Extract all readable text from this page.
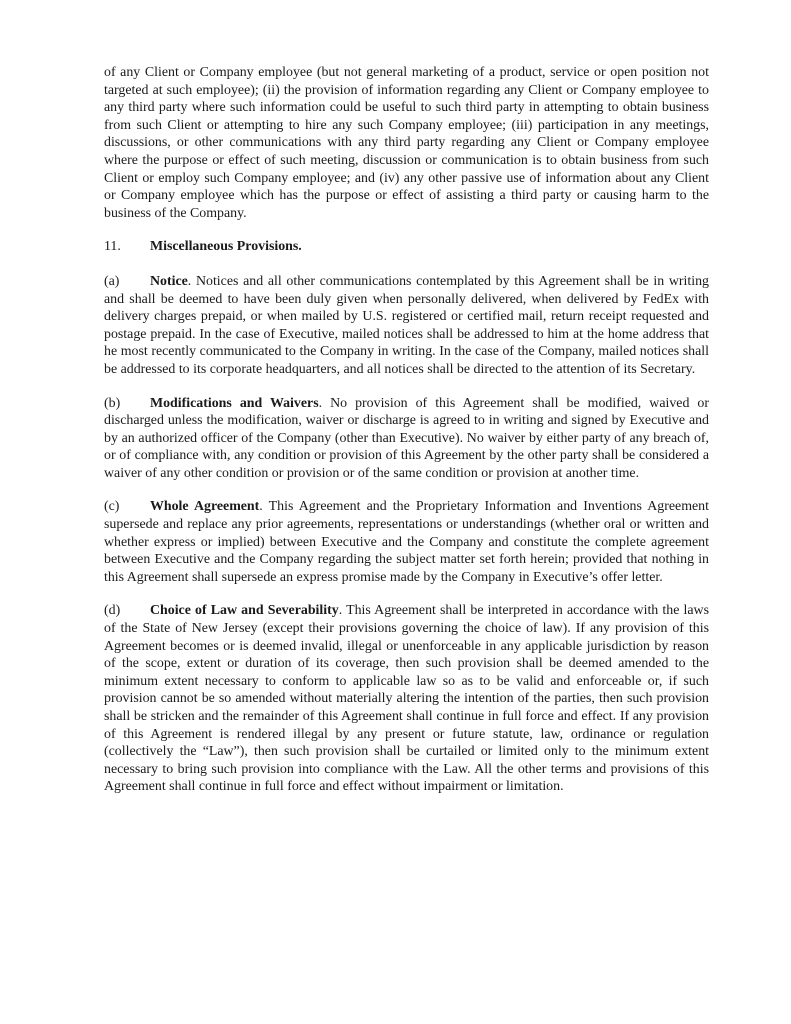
of any Client or Company employee (but not general marketing of a product, service or open position not targeted at such employee); (ii) the provision of information regarding any Client or Company employee to any third party where such information could be useful to such third party in attempting to obtain business from such Client or attempting to hire any such Company employee; (iii) participation in any meetings, discussions, or other communications with any third party regarding any Client or Company employee where the purpose or effect of such meeting, discussion or communication is to obtain business from such Client or employ such Company employee; and (iv) any other passive use of information about any Client or Company employee which has the purpose or effect of assisting a third party or causing harm to the business of the Company.

11. Miscellaneous Provisions.

(a) Notice. Notices and all other communications contemplated by this Agreement shall be in writing and shall be deemed to have been duly given when personally delivered, when delivered by FedEx with delivery charges prepaid, or when mailed by U.S. registered or certified mail, return receipt requested and postage prepaid. In the case of Executive, mailed notices shall be addressed to him at the home address that he most recently communicated to the Company in writing. In the case of the Company, mailed notices shall be addressed to its corporate headquarters, and all notices shall be directed to the attention of its Secretary.

(b) Modifications and Waivers. No provision of this Agreement shall be modified, waived or discharged unless the modification, waiver or discharge is agreed to in writing and signed by Executive and by an authorized officer of the Company (other than Executive). No waiver by either party of any breach of, or of compliance with, any condition or provision of this Agreement by the other party shall be considered a waiver of any other condition or provision or of the same condition or provision at another time.

(c) Whole Agreement. This Agreement and the Proprietary Information and Inventions Agreement supersede and replace any prior agreements, representations or understandings (whether oral or written and whether express or implied) between Executive and the Company and constitute the complete agreement between Executive and the Company regarding the subject matter set forth herein; provided that nothing in this Agreement shall supersede an express promise made by the Company in Executive’s offer letter.

(d) Choice of Law and Severability. This Agreement shall be interpreted in accordance with the laws of the State of New Jersey (except their provisions governing the choice of law). If any provision of this Agreement becomes or is deemed invalid, illegal or unenforceable in any applicable jurisdiction by reason of the scope, extent or duration of its coverage, then such provision shall be deemed amended to the minimum extent necessary to conform to applicable law so as to be valid and enforceable or, if such provision cannot be so amended without materially altering the intention of the parties, then such provision shall be stricken and the remainder of this Agreement shall continue in full force and effect. If any provision of this Agreement is rendered illegal by any present or future statute, law, ordinance or regulation (collectively the “Law”), then such provision shall be curtailed or limited only to the minimum extent necessary to bring such provision into compliance with the Law. All the other terms and provisions of this Agreement shall continue in full force and effect without impairment or limitation.
